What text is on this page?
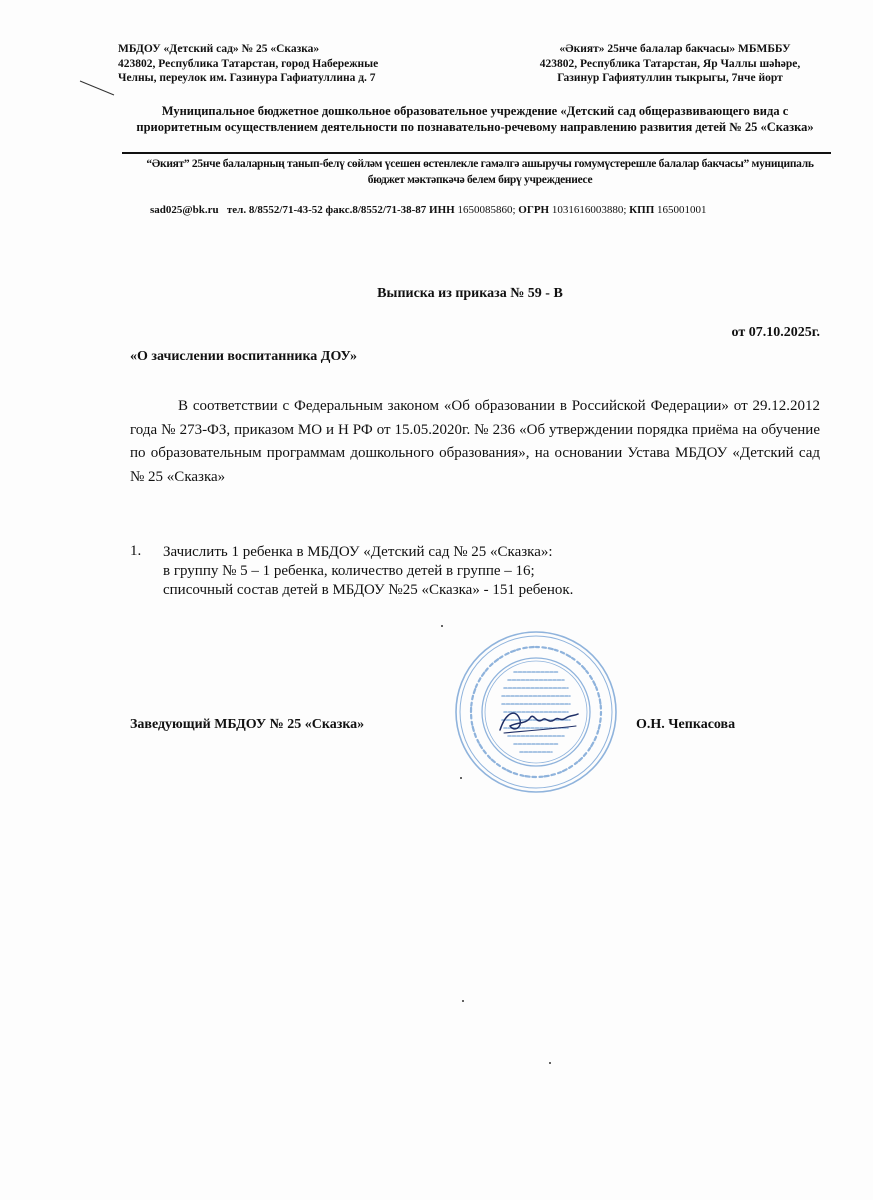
МБДОУ «Детский сад» № 25 «Сказка»
423802, Республика Татарстан, город Набережные
Челны, переулок им. Газинура Гафиатуллина д. 7
«Әкият» 25нче балалар бакчасы» МБМББУ
423802, Республика Татарстан, Яр Чаллы шәһәре,
Газинур Гафиятуллин тыкрыгы, 7нче йорт
Муниципальное бюджетное дошкольное образовательное учреждение «Детский сад общеразвивающего вида с приоритетным осуществлением деятельности по познавательно-речевому направлению развития детей № 25 «Сказка»
“Әкият” 25нче балаларның танып-белү сөйләм үсешен өстенлекле гамәлгә ашыручы гомумүстерешле балалар бакчасы” муниципаль бюджет мәктәпкәчә белем бирү учреждениесе
sad025@bk.ru тел. 8/8552/71-43-52 факс.8/8552/71-38-87 ИНН 1650085860; ОГРН 1031616003880; КПП 165001001
Выписка из приказа № 59 - В
от 07.10.2025г.
«О зачислении воспитанника ДОУ»
В соответствии с Федеральным законом «Об образовании в Российской Федерации» от 29.12.2012 года № 273-ФЗ, приказом МО и Н РФ от 15.05.2020г. № 236 «Об утверждении порядка приёма на обучение по образовательным программам дошкольного образования», на основании Устава МБДОУ «Детский сад № 25 «Сказка»
1. Зачислить 1 ребенка в МБДОУ «Детский сад № 25 «Сказка»:
в группу № 5 – 1 ребенка, количество детей в группе – 16;
списочный состав детей в МБДОУ №25 «Сказка» - 151 ребенок.
Заведующий МБДОУ № 25 «Сказка»	О.Н. Чепкасова
